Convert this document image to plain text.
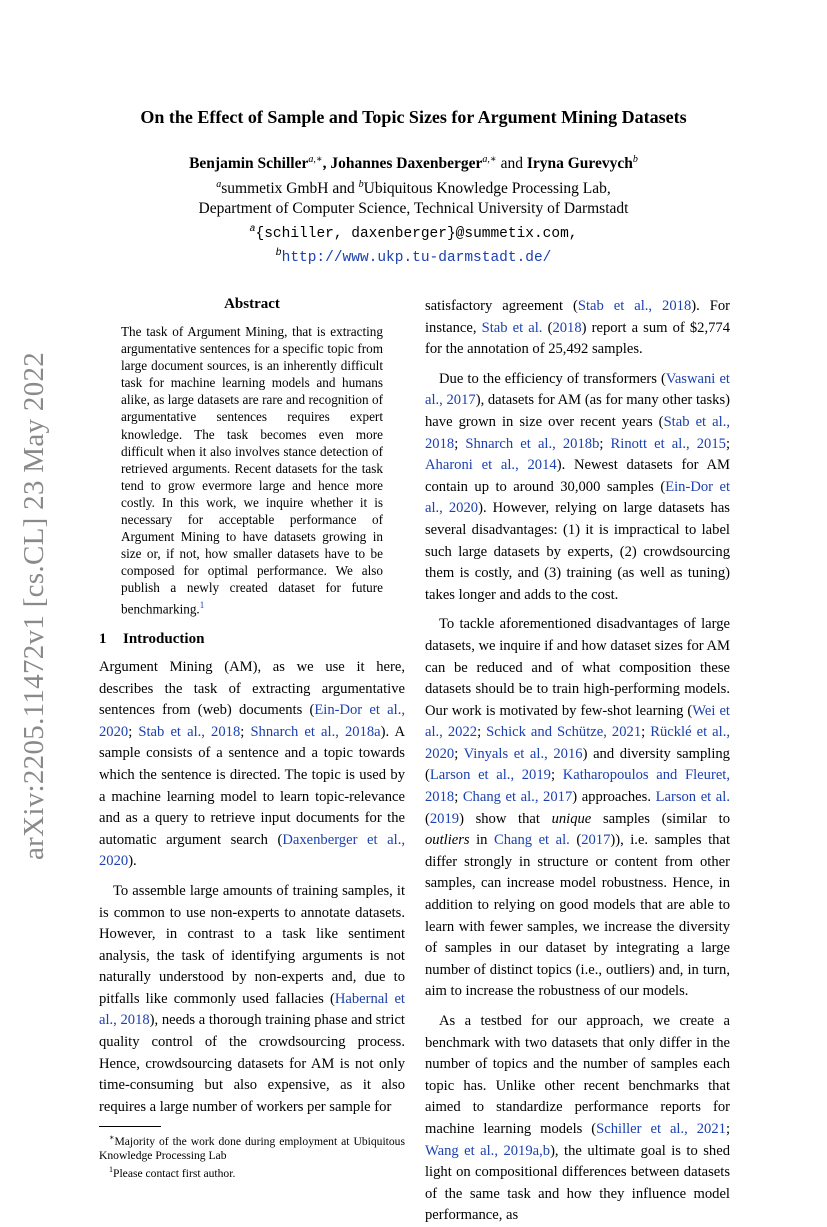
arXiv:2205.11472v1 [cs.CL] 23 May 2022
On the Effect of Sample and Topic Sizes for Argument Mining Datasets
Benjamin Schiller$^{a,∗}$, Johannes Daxenberger$^{a,∗}$ and Iryna Gurevych$^b$
$^a$summetix GmbH and $^b$Ubiquitous Knowledge Processing Lab,
Department of Computer Science, Technical University of Darmstadt
$^a${schiller, daxenberger}@summetix.com,
$^b$http://www.ukp.tu-darmstadt.de/
Abstract
The task of Argument Mining, that is extracting argumentative sentences for a specific topic from large document sources, is an inherently difficult task for machine learning models and humans alike, as large datasets are rare and recognition of argumentative sentences requires expert knowledge. The task becomes even more difficult when it also involves stance detection of retrieved arguments. Recent datasets for the task tend to grow evermore large and hence more costly. In this work, we inquire whether it is necessary for acceptable performance of Argument Mining to have datasets growing in size or, if not, how smaller datasets have to be composed for optimal performance. We also publish a newly created dataset for future benchmarking.$^1$
1 Introduction

Argument Mining (AM), as we use it here, describes the task of extracting argumentative sentences from (web) documents (Ein-Dor et al., 2020; Stab et al., 2018; Shnarch et al., 2018a). A sample consists of a sentence and a topic towards which the sentence is directed. The topic is used by a machine learning model to learn topic-relevance and as a query to retrieve input documents for the automatic argument search (Daxenberger et al., 2020).

To assemble large amounts of training samples, it is common to use non-experts to annotate datasets. However, in contrast to a task like sentiment analysis, the task of identifying arguments is not naturally understood by non-experts and, due to pitfalls like commonly used fallacies (Habernal et al., 2018), needs a thorough training phase and strict quality control of the crowdsourcing process. Hence, crowdsourcing datasets for AM is not only time-consuming but also expensive, as it also requires a large number of workers per sample for

∗Majority of the work done during employment at Ubiquitous Knowledge Processing Lab

$^1$Please contact first author.

satisfactory agreement (Stab et al., 2018). For instance, Stab et al. (2018) report a sum of $2,774 for the annotation of 25,492 samples.

Due to the efficiency of transformers (Vaswani et al., 2017), datasets for AM (as for many other tasks) have grown in size over recent years (Stab et al., 2018; Shnarch et al., 2018b; Rinott et al., 2015; Aharoni et al., 2014). Newest datasets for AM contain up to around 30,000 samples (Ein-Dor et al., 2020). However, relying on large datasets has several disadvantages: (1) it is impractical to label such large datasets by experts, (2) crowdsourcing them is costly, and (3) training (as well as tuning) takes longer and adds to the cost.

To tackle aforementioned disadvantages of large datasets, we inquire if and how dataset sizes for AM can be reduced and of what composition these datasets should be to train high-performing models. Our work is motivated by few-shot learning (Wei et al., 2022; Schick and Schütze, 2021; Rücklé et al., 2020; Vinyals et al., 2016) and diversity sampling (Larson et al., 2019; Katharopoulos and Fleuret, 2018; Chang et al., 2017) approaches. Larson et al. (2019) show that unique samples (similar to outliers in Chang et al. (2017)), i.e. samples that differ strongly in structure or content from other samples, can increase model robustness. Hence, in addition to relying on good models that are able to learn with fewer samples, we increase the diversity of samples in our dataset by integrating a large number of distinct topics (i.e., outliers) and, in turn, aim to increase the robustness of our models.

As a testbed for our approach, we create a benchmark with two datasets that only differ in the number of topics and the number of samples each topic has. Unlike other recent benchmarks that aimed to standardize performance reports for machine learning models (Schiller et al., 2021; Wang et al., 2019a,b), the ultimate goal is to shed light on compositional differences between datasets of the same task and how they influence model performance, as
